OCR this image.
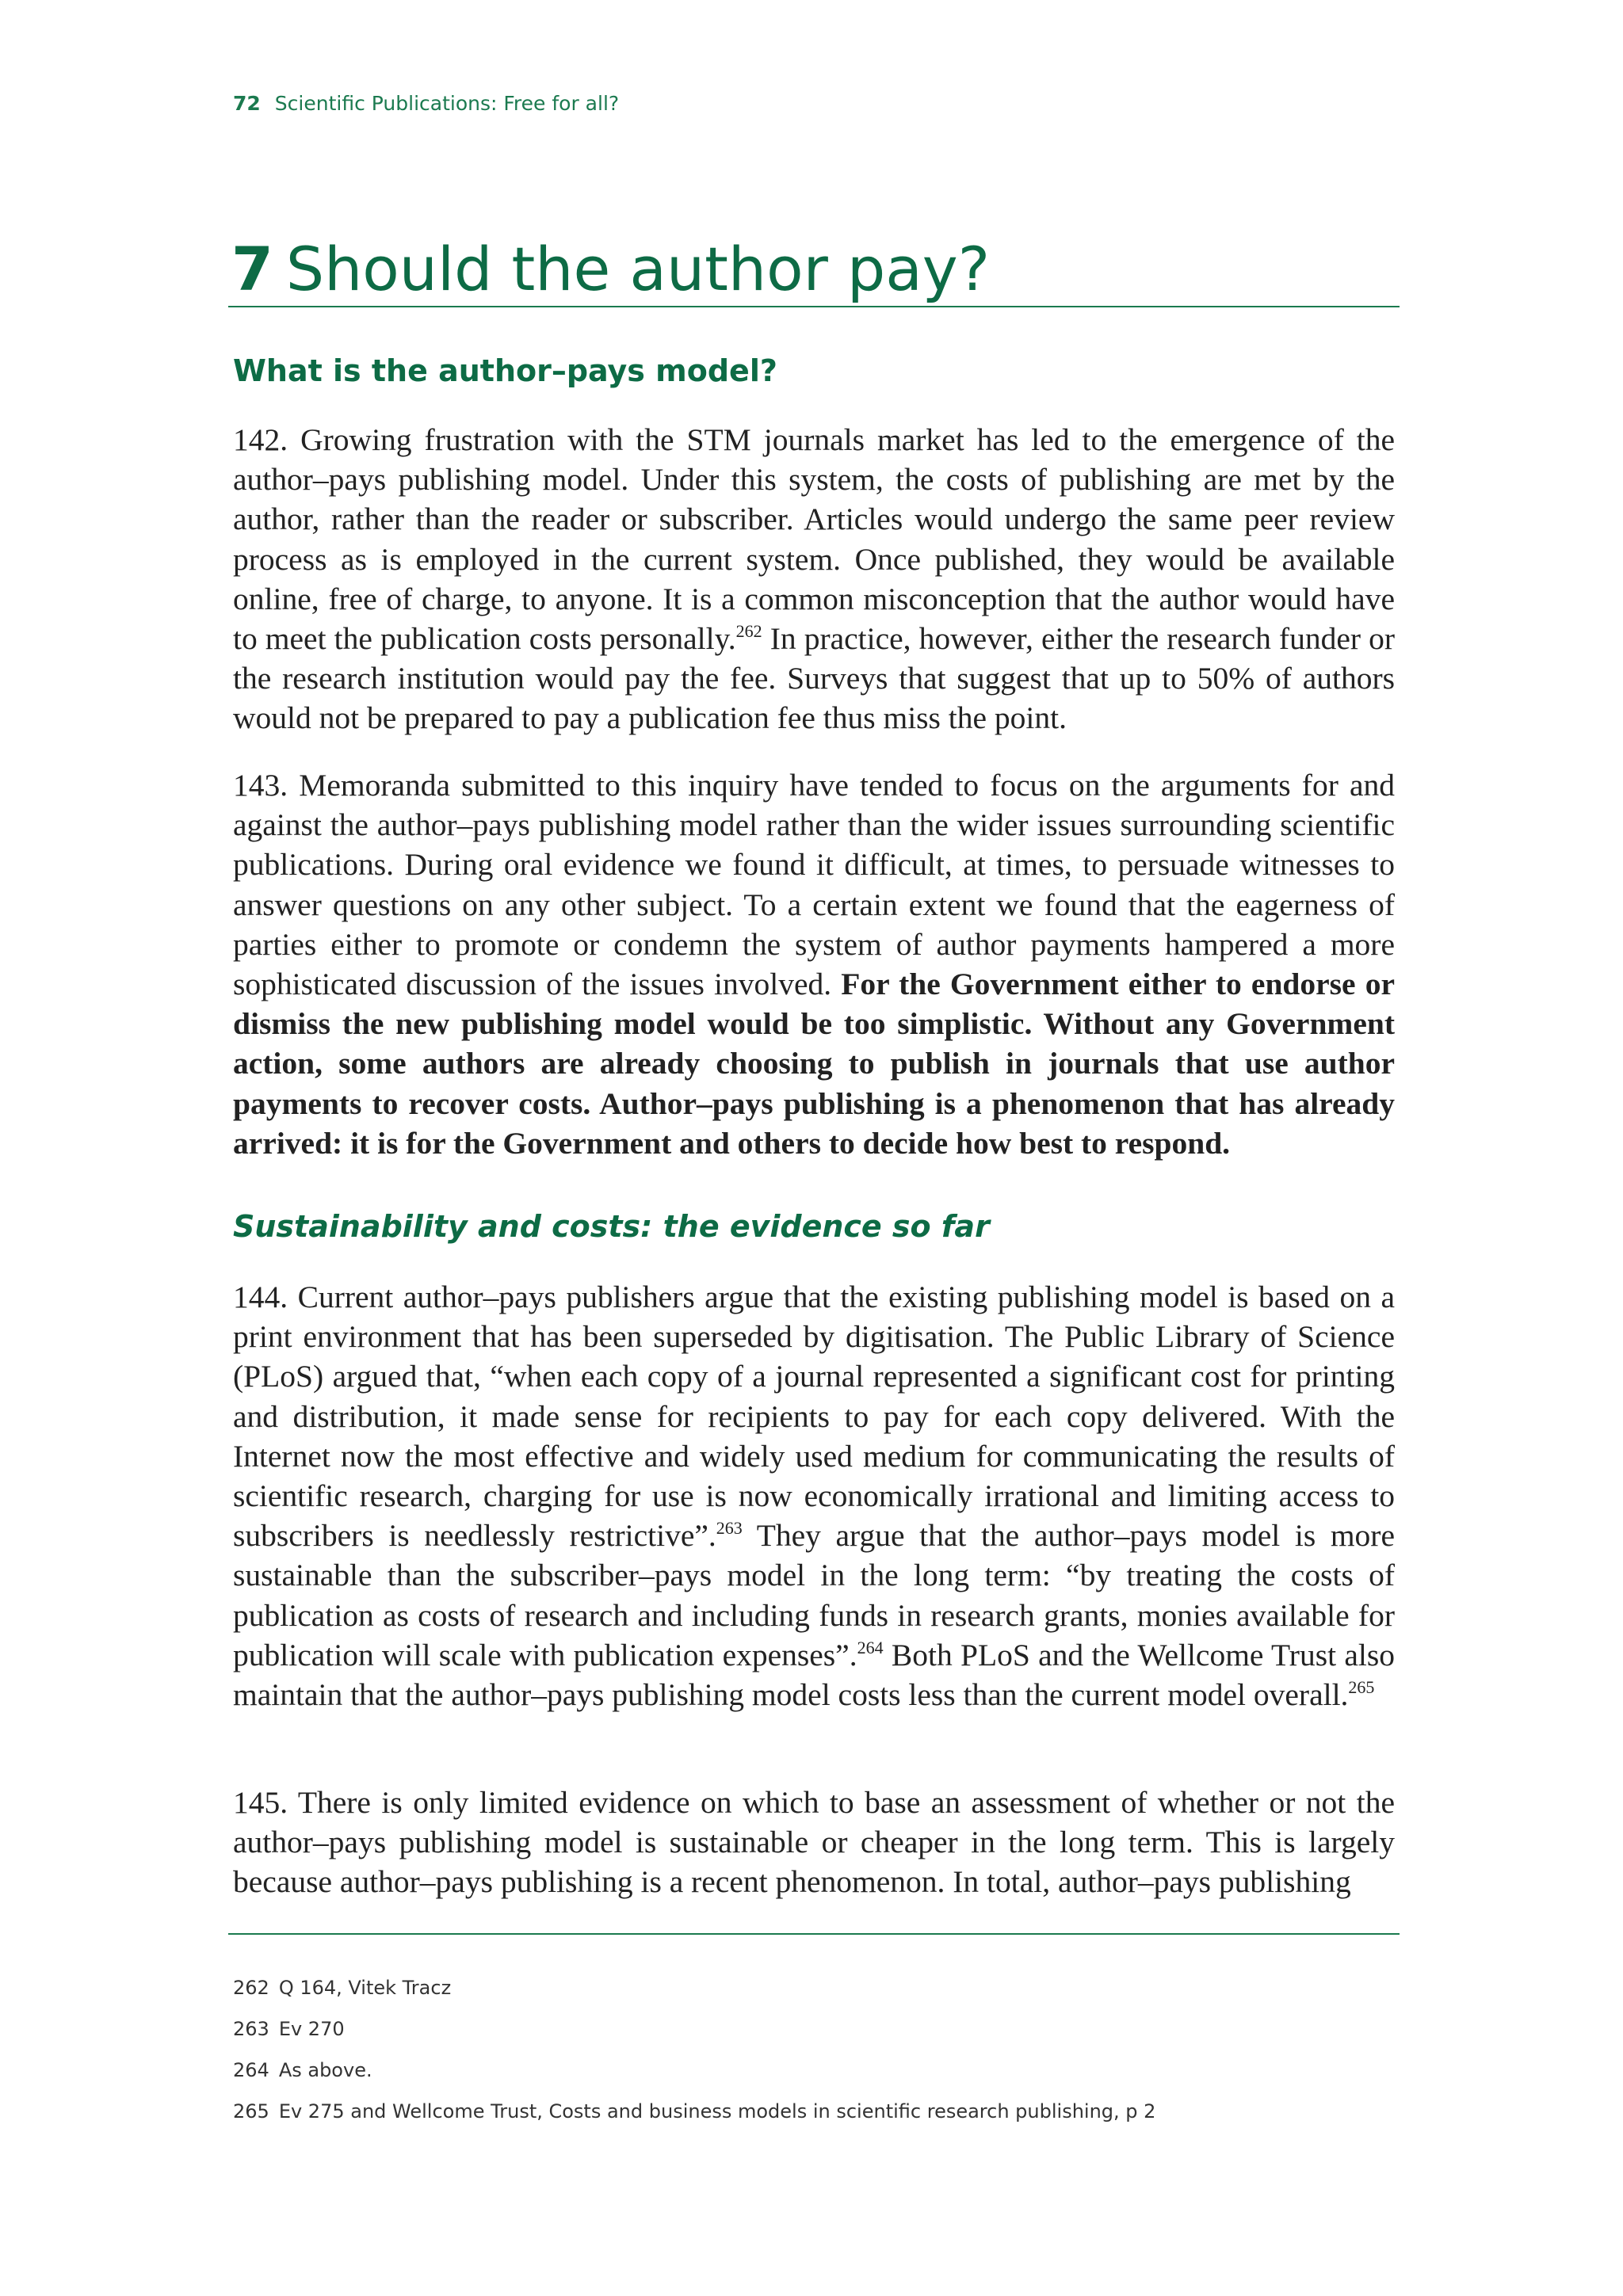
72 Scientific Publications: Free for all?
7 Should the author pay?
What is the author–pays model?

142. Growing frustration with the STM journals market has led to the emergence of the author–pays publishing model. Under this system, the costs of publishing are met by the author, rather than the reader or subscriber. Articles would undergo the same peer review process as is employed in the current system. Once published, they would be available online, free of charge, to anyone. It is a common misconception that the author would have to meet the publication costs personally.$^{262}$ In practice, however, either the research funder or the research institution would pay the fee. Surveys that suggest that up to 50% of authors would not be prepared to pay a publication fee thus miss the point.

143. Memoranda submitted to this inquiry have tended to focus on the arguments for and against the author–pays publishing model rather than the wider issues surrounding scientific publications. During oral evidence we found it difficult, at times, to persuade witnesses to answer questions on any other subject. To a certain extent we found that the eagerness of parties either to promote or condemn the system of author payments hampered a more sophisticated discussion of the issues involved. For the Government either to endorse or dismiss the new publishing model would be too simplistic. Without any Government action, some authors are already choosing to publish in journals that use author payments to recover costs. Author–pays publishing is a phenomenon that has already arrived: it is for the Government and others to decide how best to respond.

Sustainability and costs: the evidence so far

144. Current author–pays publishers argue that the existing publishing model is based on a print environment that has been superseded by digitisation. The Public Library of Science (PLoS) argued that, “when each copy of a journal represented a significant cost for printing and distribution, it made sense for recipients to pay for each copy delivered. With the Internet now the most effective and widely used medium for communicating the results of scientific research, charging for use is now economically irrational and limiting access to subscribers is needlessly restrictive”.$^{263}$ They argue that the author–pays model is more sustainable than the subscriber–pays model in the long term: “by treating the costs of publication as costs of research and including funds in research grants, monies available for publication will scale with publication expenses”.$^{264}$ Both PLoS and the Wellcome Trust also maintain that the author–pays publishing model costs less than the current model overall.$^{265}$

145. There is only limited evidence on which to base an assessment of whether or not the author–pays publishing model is sustainable or cheaper in the long term. This is largely because author–pays publishing is a recent phenomenon. In total, author–pays publishing

262 Q 164, Vitek Tracz
263 Ev 270
264 As above.
265 Ev 275 and Wellcome Trust, Costs and business models in scientific research publishing, p 2
